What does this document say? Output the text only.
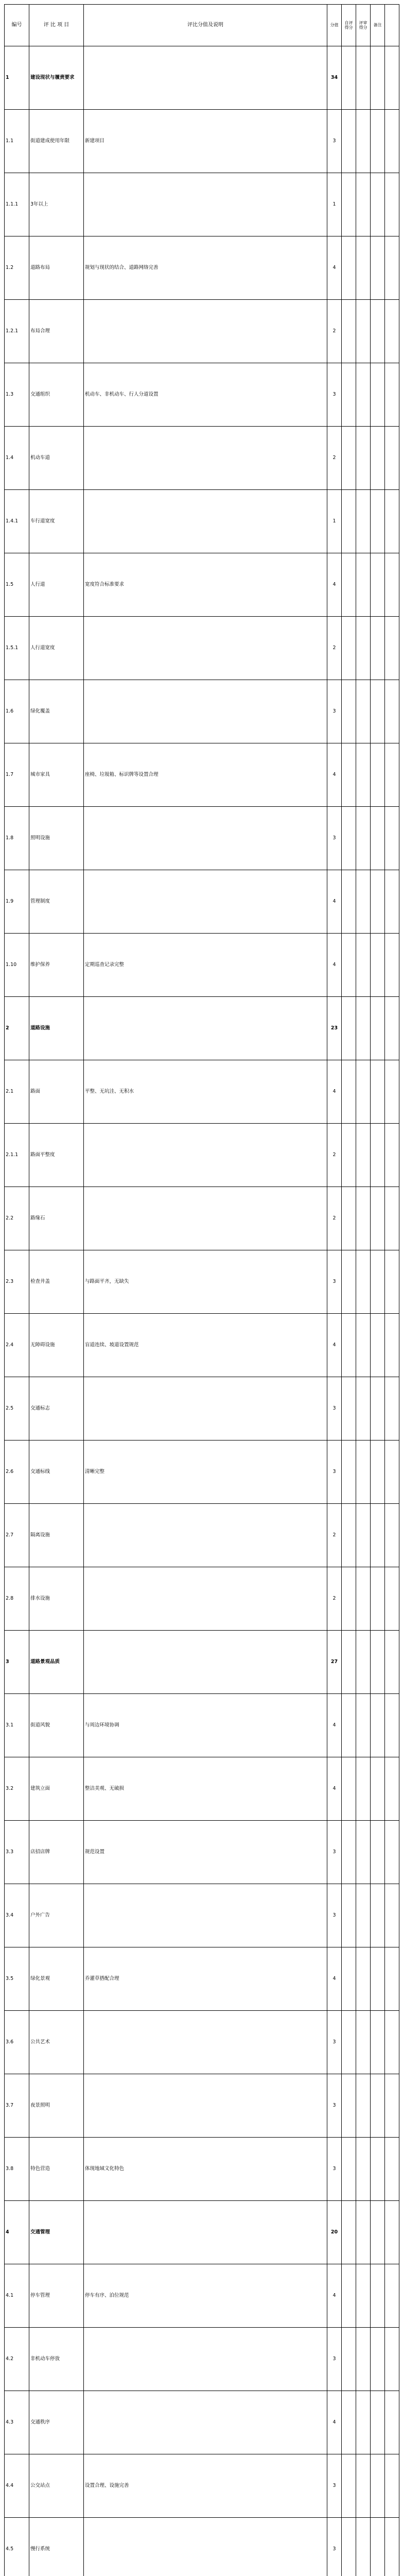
编号	评 比 项 目	评比分值及说明	分值	自评得分	评审得分	备注	
1	建设现状与履责要求		34				
1.1	街道建成使用年限	新建项目	3				
1.1.1	3年以上		1				
1.2	道路布局	规划与现状的结合、道路网络完善	4				
1.2.1	布局合理		2				
1.3	交通组织	机动车、非机动车、行人分道设置	3				
1.4	机动车道		2				
1.4.1	车行道宽度		1				
1.5	人行道	宽度符合标准要求	4				
1.5.1	人行道宽度		2				
1.6	绿化覆盖		3				
1.7	城市家具	座椅、垃圾箱、标识牌等设置合理	4				
1.8	照明设施		3				
1.9	管理制度		4				
1.10	维护保养	定期巡查记录完整	4				
2	道路设施		23				
2.1	路面	平整、无坑洼、无积水	4				
2.1.1	路面平整度		2				
2.2	路缘石		2				
2.3	检查井盖	与路面平齐，无缺失	3				
2.4	无障碍设施	盲道连续、坡道设置规范	4				
2.5	交通标志		3				
2.6	交通标线	清晰完整	3				
2.7	隔离设施		2				
2.8	排水设施		2				
3	道路景观品质		27				
3.1	街道风貌	与周边环境协调	4				
3.2	建筑立面	整洁美观、无破损	4				
3.3	店招店牌	规范设置	3				
3.4	户外广告		3				
3.5	绿化景观	乔灌草搭配合理	4				
3.6	公共艺术		3				
3.7	夜景照明		3				
3.8	特色营造	体现地域文化特色	3				
4	交通管理		20				
4.1	停车管理	停车有序、泊位规范	4				
4.2	非机动车停放		3				
4.3	交通秩序		4				
4.4	公交站点	设置合理、设施完善	3				
4.5	慢行系统		3				
